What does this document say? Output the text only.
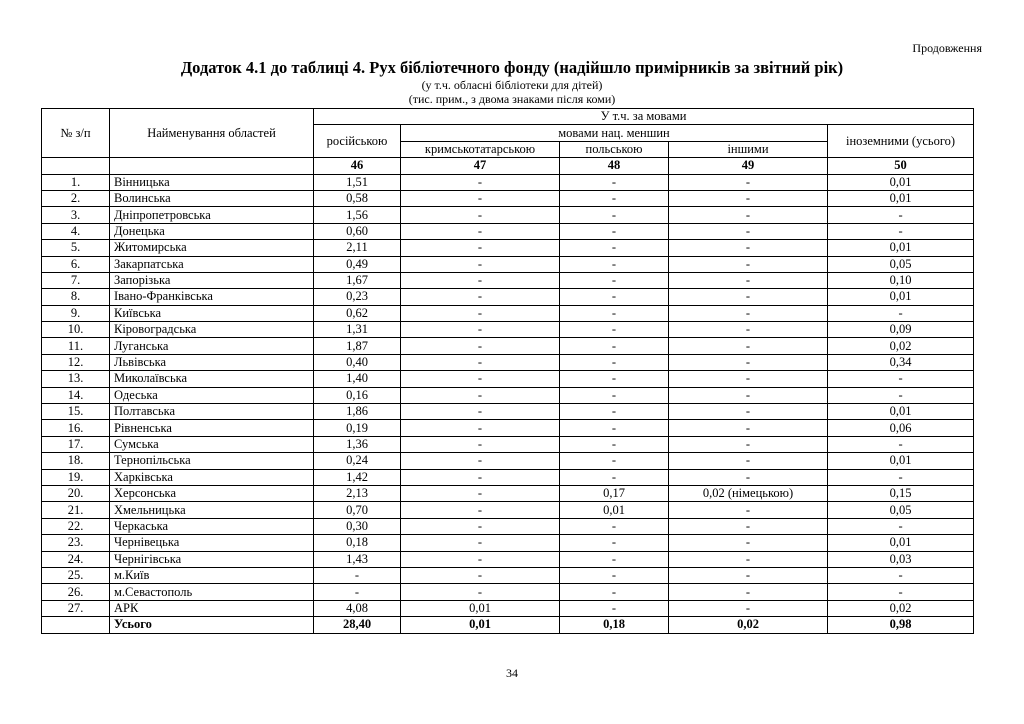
Продовження
Додаток 4.1 до таблиці 4. Рух бібліотечного фонду (надійшло примірників за звітний рік)
(у т.ч. обласні бібліотеки для дітей)
(тис. прим., з двома знаками після коми)
№ з/п	Найменування областей	У т.ч. за мовами				
		російською	мовами нац. меншин			іноземними (усього)
			кримськотатарською	польською	іншими	
		46	47	48	49	50
1.	Вінницька	1,51	-	-	-	0,01
2.	Волинська	0,58	-	-	-	0,01
3.	Дніпропетровська	1,56	-	-	-	-
4.	Донецька	0,60	-	-	-	-
5.	Житомирська	2,11	-	-	-	0,01
6.	Закарпатська	0,49	-	-	-	0,05
7.	Запорізька	1,67	-	-	-	0,10
8.	Івано-Франківська	0,23	-	-	-	0,01
9.	Київська	0,62	-	-	-	-
10.	Кіровоградська	1,31	-	-	-	0,09
11.	Луганська	1,87	-	-	-	0,02
12.	Львівська	0,40	-	-	-	0,34
13.	Миколаївська	1,40	-	-	-	-
14.	Одеська	0,16	-	-	-	-
15.	Полтавська	1,86	-	-	-	0,01
16.	Рівненська	0,19	-	-	-	0,06
17.	Сумська	1,36	-	-	-	-
18.	Тернопільська	0,24	-	-	-	0,01
19.	Харківська	1,42	-	-	-	-
20.	Херсонська	2,13	-	0,17	0,02 (німецькою)	0,15
21.	Хмельницька	0,70	-	0,01	-	0,05
22.	Черкаська	0,30	-	-	-	-
23.	Чернівецька	0,18	-	-	-	0,01
24.	Чернігівська	1,43	-	-	-	0,03
25.	м.Київ	-	-	-	-	-
26.	м.Севастополь	-	-	-	-	-
27.	АРК	4,08	0,01	-	-	0,02
	Усього	28,40	0,01	0,18	0,02	0,98
34
